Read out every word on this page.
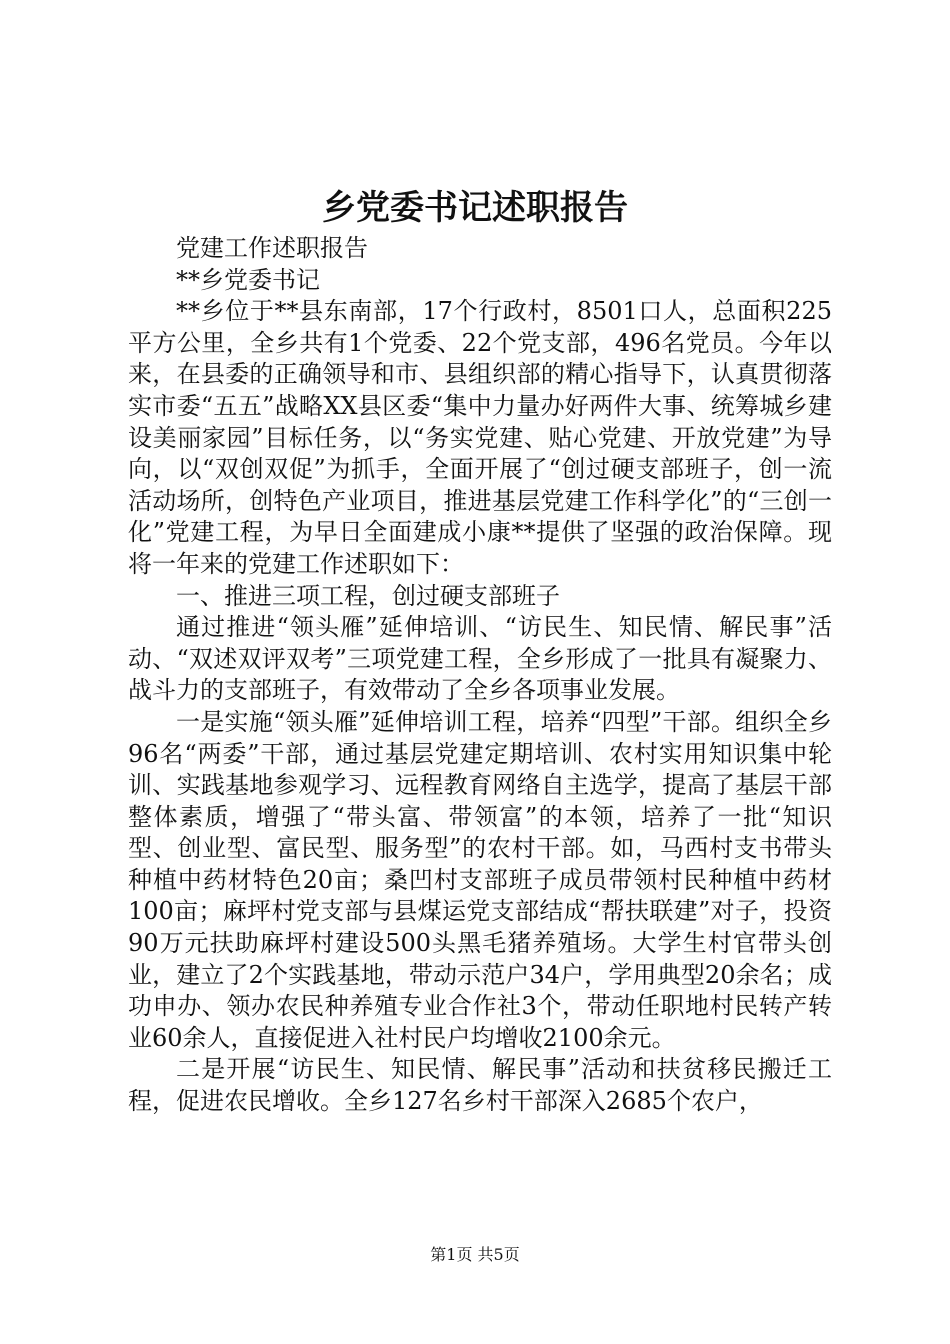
乡党委书记述职报告

党建工作述职报告

**乡党委书记

**乡位于**县东南部，17个行政村，8501口人，总面积225平方公里，全乡共有1个党委、22个党支部，496名党员。今年以来，在县委的正确领导和市、县组织部的精心指导下，认真贯彻落实市委“五五”战略XX县区委“集中力量办好两件大事、统筹城乡建设美丽家园”目标任务，以“务实党建、贴心党建、开放党建”为导向，以“双创双促”为抓手，全面开展了“创过硬支部班子，创一流活动场所，创特色产业项目，推进基层党建工作科学化”的“三创一化”党建工程，为早日全面建成小康**提供了坚强的政治保障。现将一年来的党建工作述职如下：

一、推进三项工程，创过硬支部班子

通过推进“领头雁”延伸培训、“访民生、知民情、解民事”活动、“双述双评双考”三项党建工程，全乡形成了一批具有凝聚力、战斗力的支部班子，有效带动了全乡各项事业发展。

一是实施“领头雁”延伸培训工程，培养“四型”干部。组织全乡96名“两委”干部，通过基层党建定期培训、农村实用知识集中轮训、实践基地参观学习、远程教育网络自主选学，提高了基层干部整体素质，增强了“带头富、带领富”的本领，培养了一批“知识型、创业型、富民型、服务型”的农村干部。如，马西村支书带头种植中药材特色20亩；桑凹村支部班子成员带领村民种植中药材100亩；麻坪村党支部与县煤运党支部结成“帮扶联建”对子，投资90万元扶助麻坪村建设500头黑毛猪养殖场。大学生村官带头创业，建立了2个实践基地，带动示范户34户，学用典型20余名；成功申办、领办农民种养殖专业合作社3个，带动任职地村民转产转业60余人，直接促进入社村民户均增收2100余元。

二是开展“访民生、知民情、解民事”活动和扶贫移民搬迁工程，促进农民增收。全乡127名乡村干部深入2685个农户，

第1页 共5页
